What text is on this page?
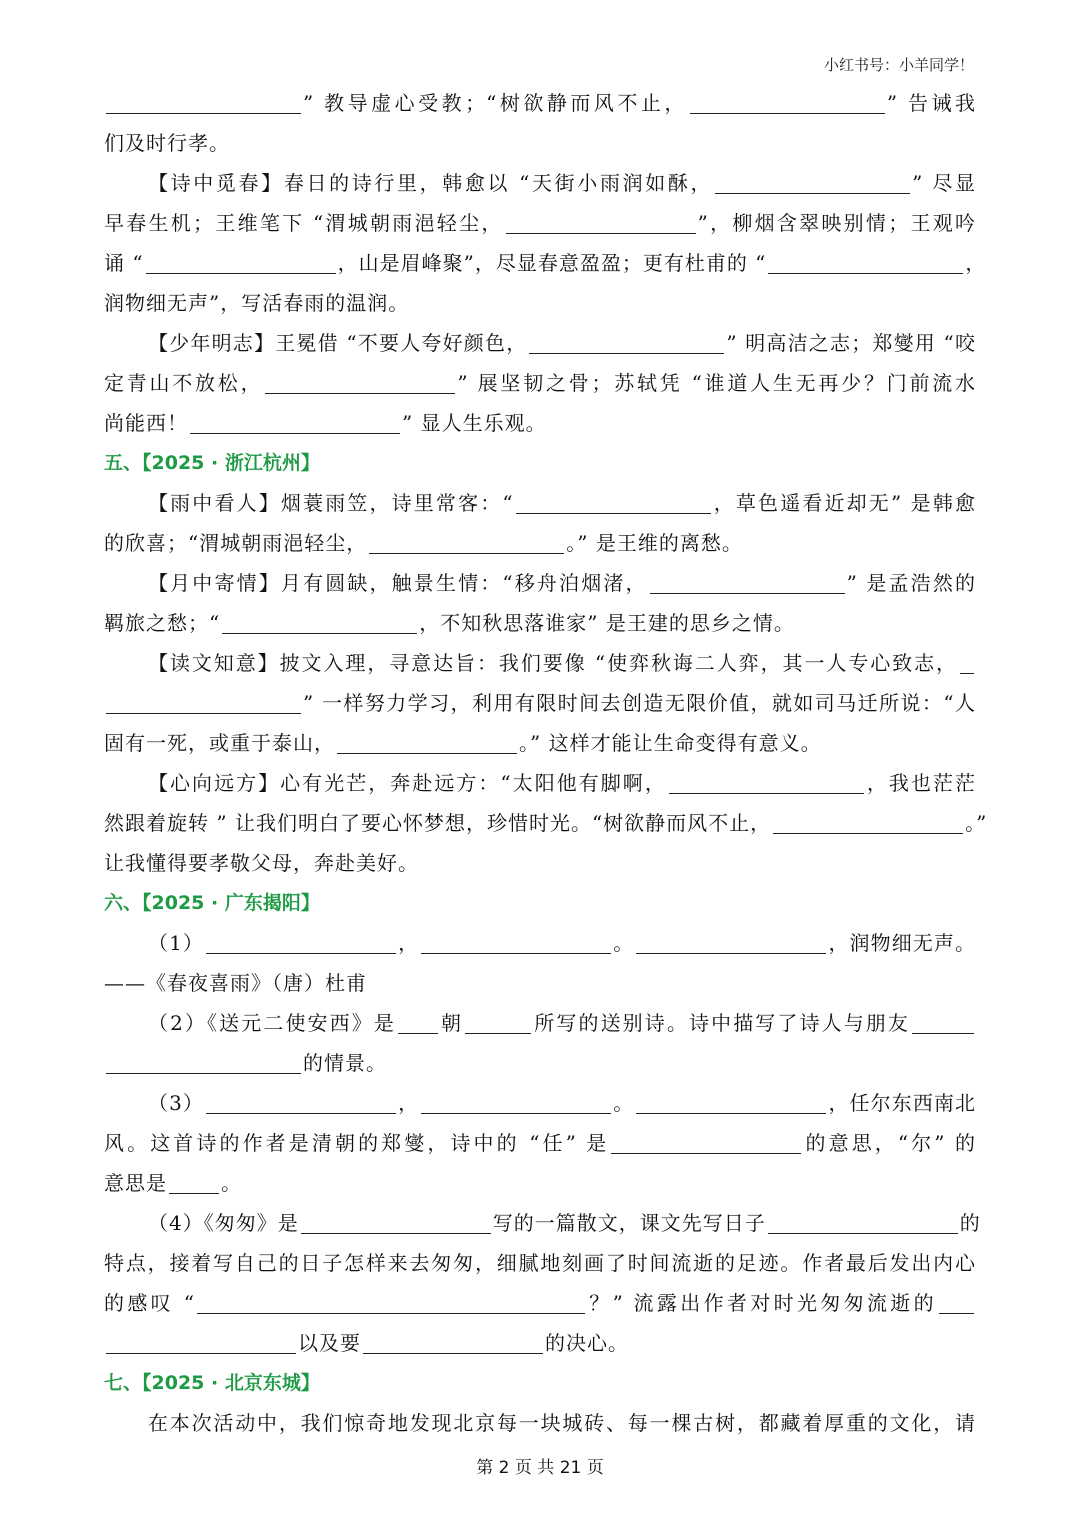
小红书号：小羊同学！
” 教导虚心受教；“树欲静而风不止，	” 告诫我
们及时行孝。
【诗中觅春】春日的诗行里，韩愈以 “天街小雨润如酥，	” 尽显
早春生机；王维笔下 “渭城朝雨浥轻尘，	”，柳烟含翠映别情；王观吟
诵 “	，山是眉峰聚”，尽显春意盈盈；更有杜甫的 “	，
润物细无声”，写活春雨的温润。
【少年明志】王冕借 “不要人夸好颜色，	” 明高洁之志；郑燮用 “咬
定青山不放松，	” 展坚韧之骨；苏轼凭 “谁道人生无再少？门前流水
尚能西！	” 显人生乐观。
五、【2025 · 浙江杭州】
【雨中看人】烟蓑雨笠，诗里常客：“	，草色遥看近却无” 是韩愈
的欣喜；“渭城朝雨浥轻尘，	。” 是王维的离愁。
【月中寄情】月有圆缺，触景生情：“移舟泊烟渚，	” 是孟浩然的
羁旅之愁；“	，不知秋思落谁家” 是王建的思乡之情。
【读文知意】披文入理，寻意达旨：我们要像 “使弈秋诲二人弈，其一人专心致志，
” 一样努力学习，利用有限时间去创造无限价值，就如司马迁所说：“人
固有一死，或重于泰山，	。” 这样才能让生命变得有意义。
【心向远方】心有光芒，奔赴远方：“太阳他有脚啊，	，我也茫茫
然跟着旋转 ” 让我们明白了要心怀梦想，珍惜时光。“树欲静而风不止，	。”
让我懂得要孝敬父母，奔赴美好。
六、【2025 · 广东揭阳】
（1）	，	。	，润物细无声。
——《春夜喜雨》（唐）杜甫
（2）《送元二使安西》是 朝	所写的送别诗。诗中描写了诗人与朋友
的情景。
（3）	，	。	，任尔东西南北
风。这首诗的作者是清朝的郑燮，诗中的 “任” 是	的意思，“尔” 的
意思是	。
（4）《匆匆》是	写的一篇散文，课文先写日子	的
特点，接着写自己的日子怎样来去匆匆，细腻地刻画了时间流逝的足迹。作者最后发出内心
的感叹 “	？” 流露出作者对时光匆匆流逝的
以及要	的决心。
七、【2025 · 北京东城】
在本次活动中，我们惊奇地发现北京每一块城砖、每一棵古树，都藏着厚重的文化，请
第 2 页 共 21 页
